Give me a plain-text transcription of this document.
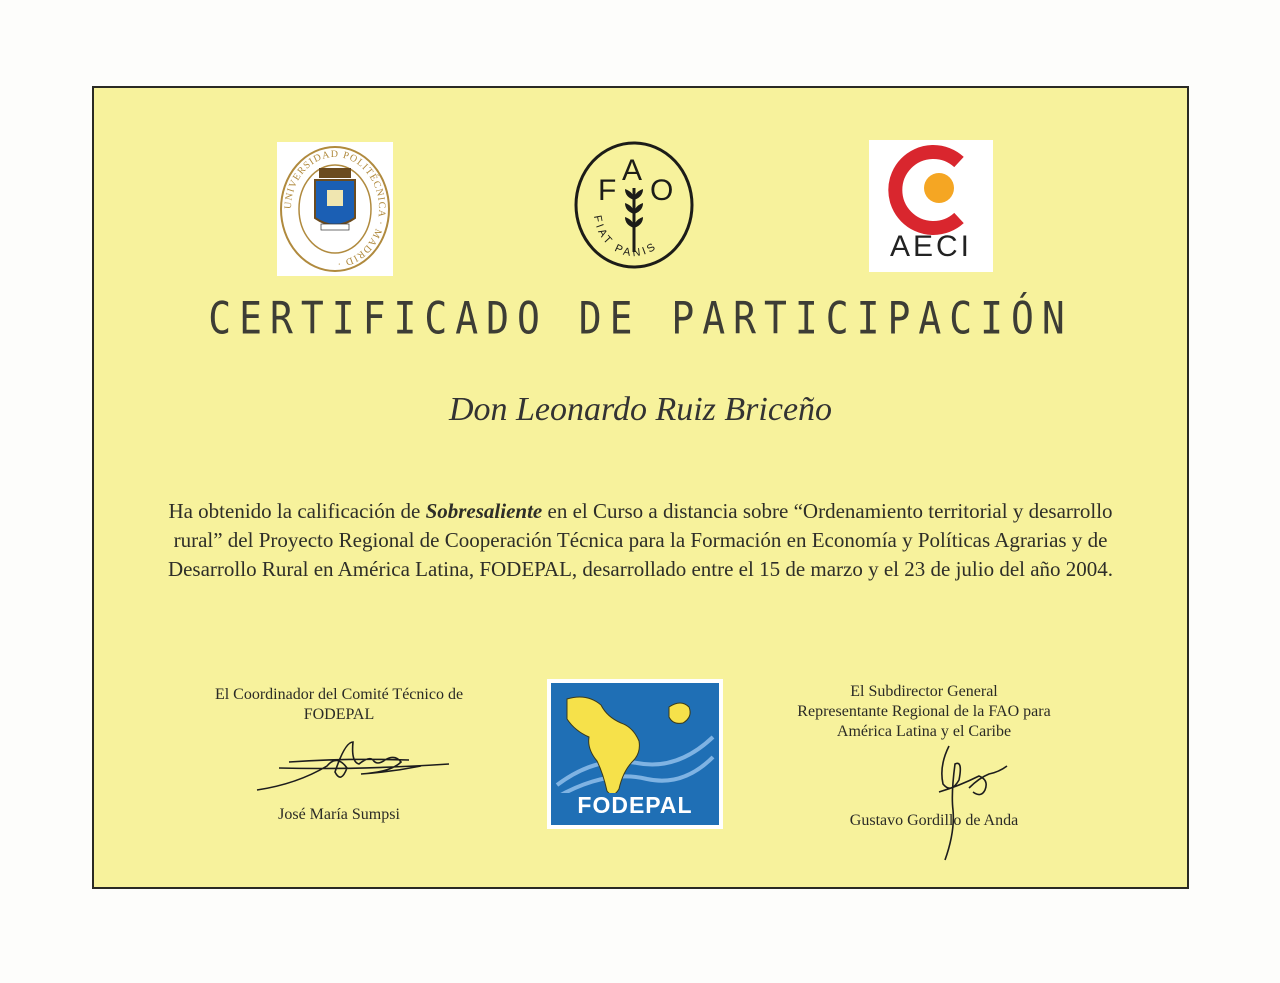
UNIVERSIDAD POLITÉCNICA · MADRID ·
F
A
O
FIAT PANIS	AECI
CERTIFICADO DE PARTICIPACIÓN
Don Leonardo Ruiz Briceño
Ha obtenido la calificación de Sobresaliente en el Curso a distancia sobre “Ordenamiento territorial y desarrollo rural” del Proyecto Regional de Cooperación Técnica para la Formación en Economía y Políticas Agrarias y de Desarrollo Rural en América Latina, FODEPAL, desarrollado entre el 15 de marzo y el 23 de julio del año 2004.
El Coordinador del Comité Técnico de
FODEPAL
José María Sumpsi	FODEPAL
El Subdirector General
Representante Regional de la FAO para
América Latina y el Caribe
Gustavo Gordillo de Anda
